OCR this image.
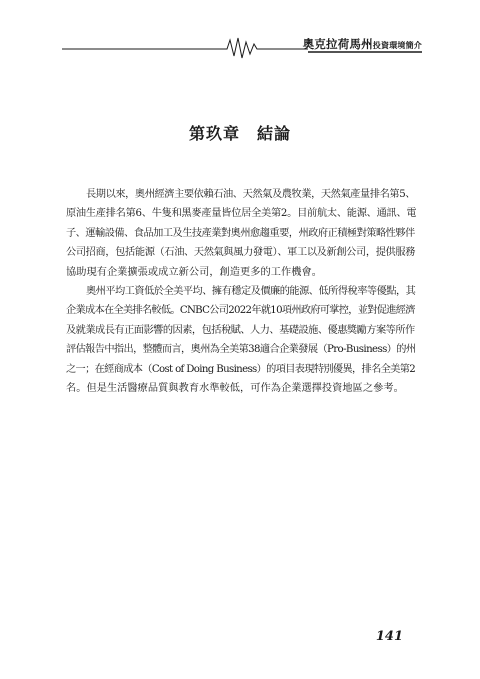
奧克拉荷馬州投資環境簡介
第玖章　結論
長期以來，奧州經濟主要依賴石油、天然氣及農牧業，天然氣產量排名第5、
原油生產排名第6、牛隻和黑麥產量皆位居全美第2。目前航太、能源、通訊、電
子、運輸設備、食品加工及生技產業對奧州愈趨重要，州政府正積極對策略性夥伴
公司招商，包括能源（石油、天然氣與風力發電）、軍工以及新創公司，提供服務
協助現有企業擴張或成立新公司，創造更多的工作機會。
奧州平均工資低於全美平均、擁有穩定及價廉的能源、低所得稅率等優點，其
企業成本在全美排名較低。CNBC公司2022年就10項州政府可掌控，並對促進經濟
及就業成長有正面影響的因素，包括稅賦、人力、基礎設施、優惠獎勵方案等所作
評估報告中指出，整體而言，奧州為全美第38適合企業發展（Pro-Business）的州
之一；在經商成本（Cost of Doing Business）的項目表現特別優異，排名全美第2
名。但是生活醫療品質與教育水準較低，可作為企業選擇投資地區之參考。
141
